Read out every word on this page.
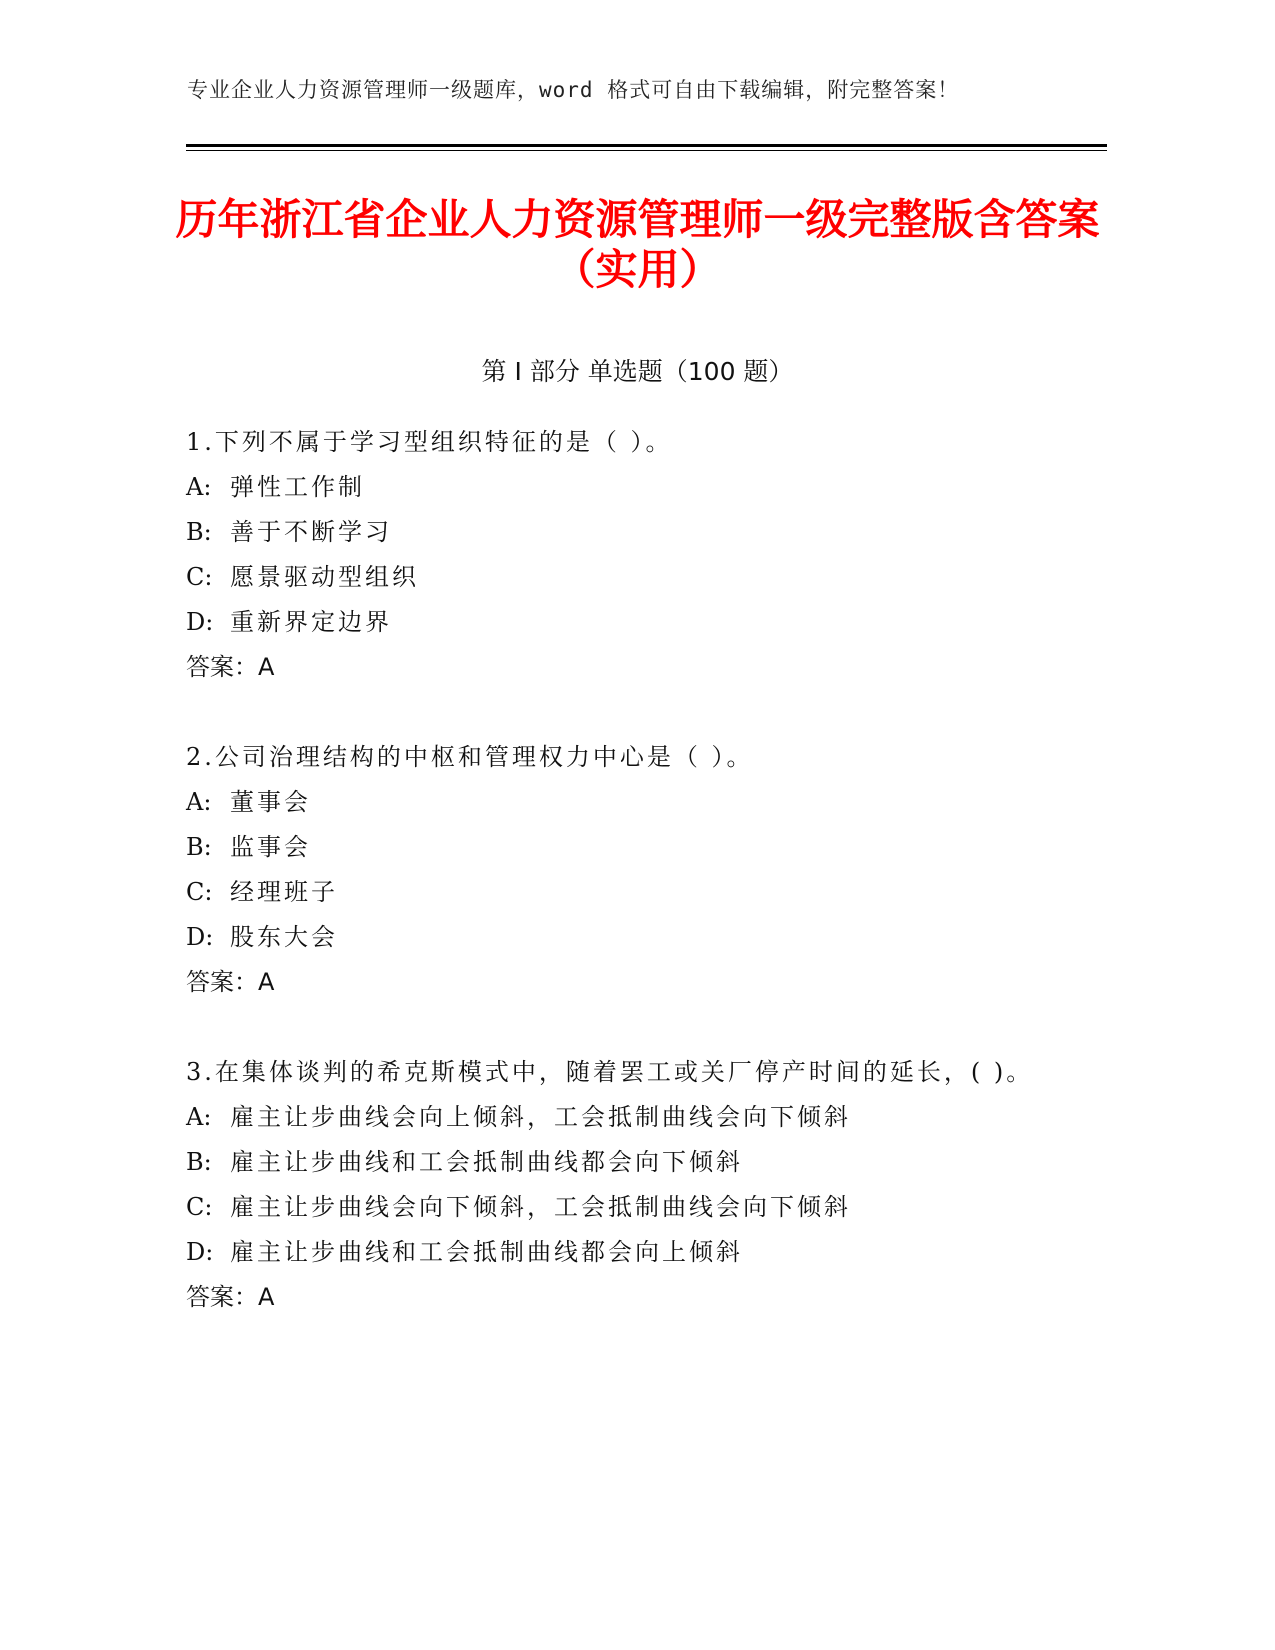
专业企业人力资源管理师一级题库，word 格式可自由下载编辑，附完整答案！
历年浙江省企业人力资源管理师一级完整版含答案（实用）
第 I 部分 单选题（100 题）

1.下列不属于学习型组织特征的是（ ）。

A: 弹性工作制

B: 善于不断学习

C: 愿景驱动型组织

D: 重新界定边界

答案：A

2.公司治理结构的中枢和管理权力中心是（ ）。

A: 董事会

B: 监事会

C: 经理班子

D: 股东大会

答案：A

3.在集体谈判的希克斯模式中，随着罢工或关厂停产时间的延长，( )。

A: 雇主让步曲线会向上倾斜，工会抵制曲线会向下倾斜

B: 雇主让步曲线和工会抵制曲线都会向下倾斜

C: 雇主让步曲线会向下倾斜，工会抵制曲线会向下倾斜

D: 雇主让步曲线和工会抵制曲线都会向上倾斜

答案：A
